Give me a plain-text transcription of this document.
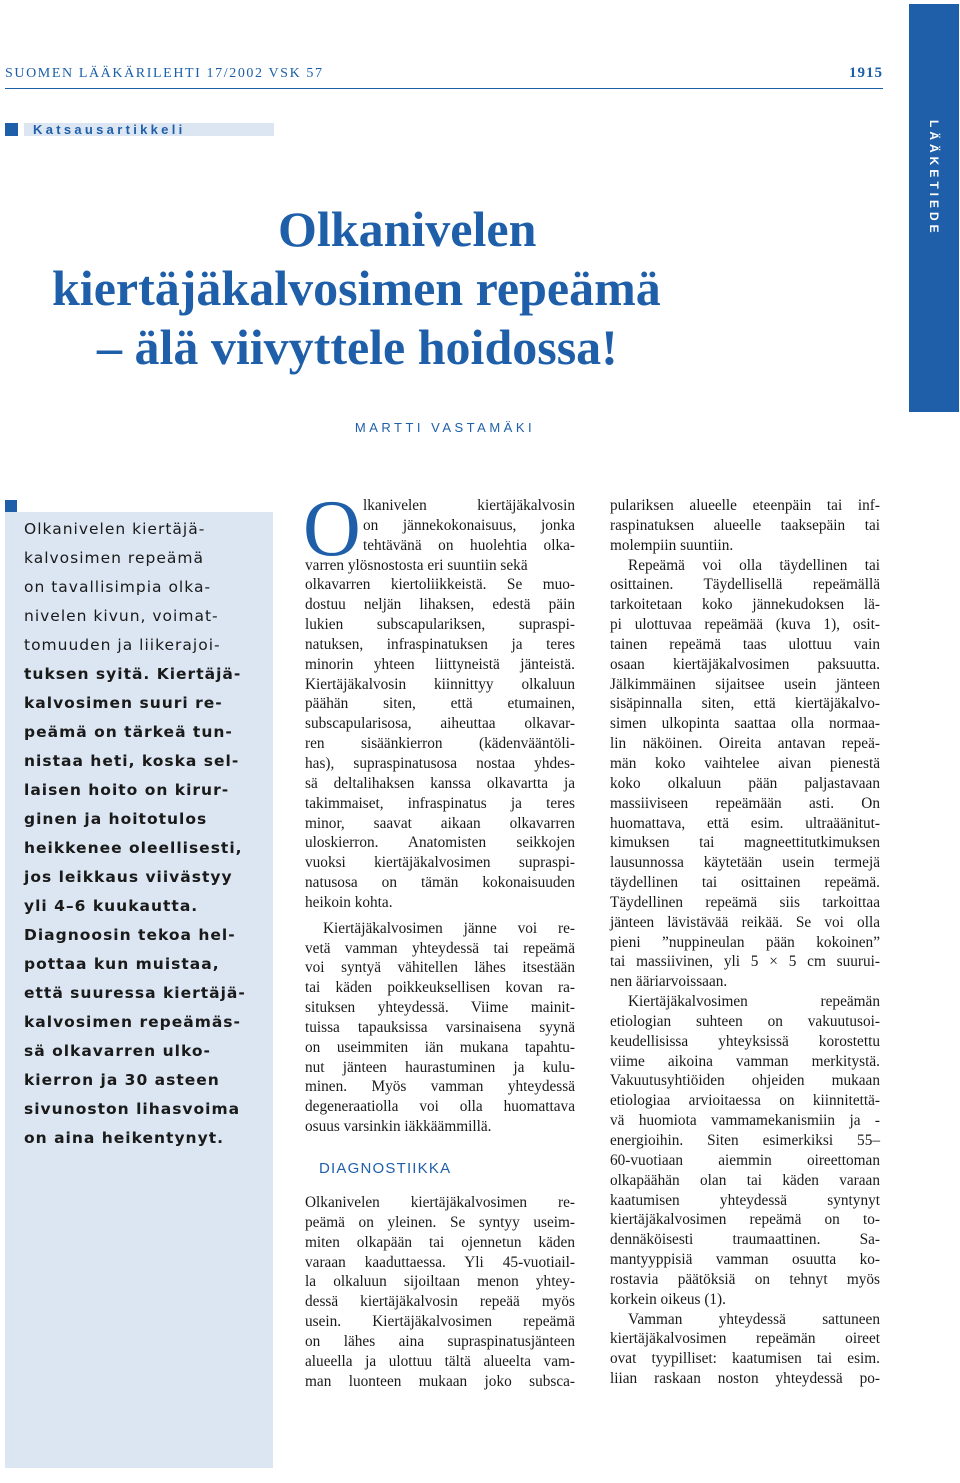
SUOMEN LÄÄKÄRILEHTI 17/2002 VSK 57	1915
LÄÄKETIEDE
Katsausartikkeli
Olkanivelen
kiertäjäkalvosimen repeämä
– älä viivyttele hoidossa!
MARTTI VASTAMÄKI
Olkanivelen kiertäjä-
kalvosimen repeämä
on tavallisimpia olka-
nivelen kivun, voimat-
tomuuden ja liikerajoi-
tuksen syitä. Kiertäjä-
kalvosimen suuri re-
peämä on tärkeä tun-
nistaa heti, koska sel-
laisen hoito on kirur-
ginen ja hoitotulos
heikkenee oleellisesti,
jos leikkaus viivästyy
yli 4–6 kuukautta.
Diagnoosin tekoa hel-
pottaa kun muistaa,
että suuressa kiertäjä-
kalvosimen repeämäs-
sä olkavarren ulko-
kierron ja 30 asteen
sivunoston lihasvoima
on aina heikentynyt.
O lkanivelen kiertäjäkalvosin
on jännekokonaisuus, jonka
tehtävänä on huolehtia olka-
varren ylösnostosta eri suuntiin sekä
olkavarren kiertoliikkeistä. Se muo-
dostuu neljän lihaksen, edestä päin
lukien subscapulariksen, supraspi-
natuksen, infraspinatuksen ja teres
minorin yhteen liittyneistä jänteistä.
Kiertäjäkalvosin kiinnittyy olkaluun
päähän siten, että etumainen,
subscapularisosa, aiheuttaa olkavar-
ren sisäänkierron (kädenvääntöli-
has), supraspinatusosa nostaa yhdes-
sä deltalihaksen kanssa olkavartta ja
takimmaiset, infraspinatus ja teres
minor, saavat aikaan olkavarren
uloskierron. Anatomisten seikkojen
vuoksi kiertäjäkalvosimen supraspi-
natusosa on tämän kokonaisuuden
heikoin kohta.
Kiertäjäkalvosimen jänne voi re-
vetä vamman yhteydessä tai repeämä
voi syntyä vähitellen lähes itsestään
tai käden poikkeuksellisen kovan ra-
situksen yhteydessä. Viime mainit-
tuissa tapauksissa varsinaisena syynä
on useimmiten iän mukana tapahtu-
nut jänteen haurastuminen ja kulu-
minen. Myös vamman yhteydessä
degeneraatiolla voi olla huomattava
osuus varsinkin iäkkäämmillä.
DIAGNOSTIIKKA
Olkanivelen kiertäjäkalvosimen re-
peämä on yleinen. Se syntyy useim-
miten olkapään tai ojennetun käden
varaan kaaduttaessa. Yli 45-vuotiail-
la olkaluun sijoiltaan menon yhtey-
dessä kiertäjäkalvosin repeää myös
usein. Kiertäjäkalvosimen repeämä
on lähes aina supraspinatusjänteen
alueella ja ulottuu tältä alueelta vam-
man luonteen mukaan joko subsca-
pulariksen alueelle eteenpäin tai inf-
raspinatuksen alueelle taaksepäin tai
molempiin suuntiin.
Repeämä voi olla täydellinen tai
osittainen. Täydellisellä repeämällä
tarkoitetaan koko jännekudoksen lä-
pi ulottuvaa repeämää (kuva 1), osit-
tainen repeämä taas ulottuu vain
osaan kiertäjäkalvosimen paksuutta.
Jälkimmäinen sijaitsee usein jänteen
sisäpinnalla siten, että kiertäjäkalvo-
simen ulkopinta saattaa olla normaa-
lin näköinen. Oireita antavan repeä-
män koko vaihtelee aivan pienestä
koko olkaluun pään paljastavaan
massiiviseen repeämään asti. On
huomattava, että esim. ultraäänitut-
kimuksen tai magneettitutkimuksen
lausunnossa käytetään usein termejä
täydellinen tai osittainen repeämä.
Täydellinen repeämä siis tarkoittaa
jänteen lävistävää reikää. Se voi olla
pieni ”nuppineulan pään kokoinen”
tai massiivinen, yli 5 × 5 cm suurui-
nen ääriarvoissaan.
Kiertäjäkalvosimen repeämän
etiologian suhteen on vakuutusoi-
keudellisissa yhteyksissä korostettu
viime aikoina vamman merkitystä.
Vakuutusyhtiöiden ohjeiden mukaan
etiologiaa arvioitaessa on kiinnitettä-
vä huomiota vammamekanismiin ja -
energioihin. Siten esimerkiksi 55–
60-vuotiaan aiemmin oireettoman
olkapäähän olan tai käden varaan
kaatumisen yhteydessä syntynyt
kiertäjäkalvosimen repeämä on to-
dennäköisesti traumaattinen. Sa-
mantyyppisiä vamman osuutta ko-
rostavia päätöksiä on tehnyt myös
korkein oikeus (1).
Vamman yhteydessä sattuneen
kiertäjäkalvosimen repeämän oireet
ovat tyypilliset: kaatumisen tai esim.
liian raskaan noston yhteydessä po-
